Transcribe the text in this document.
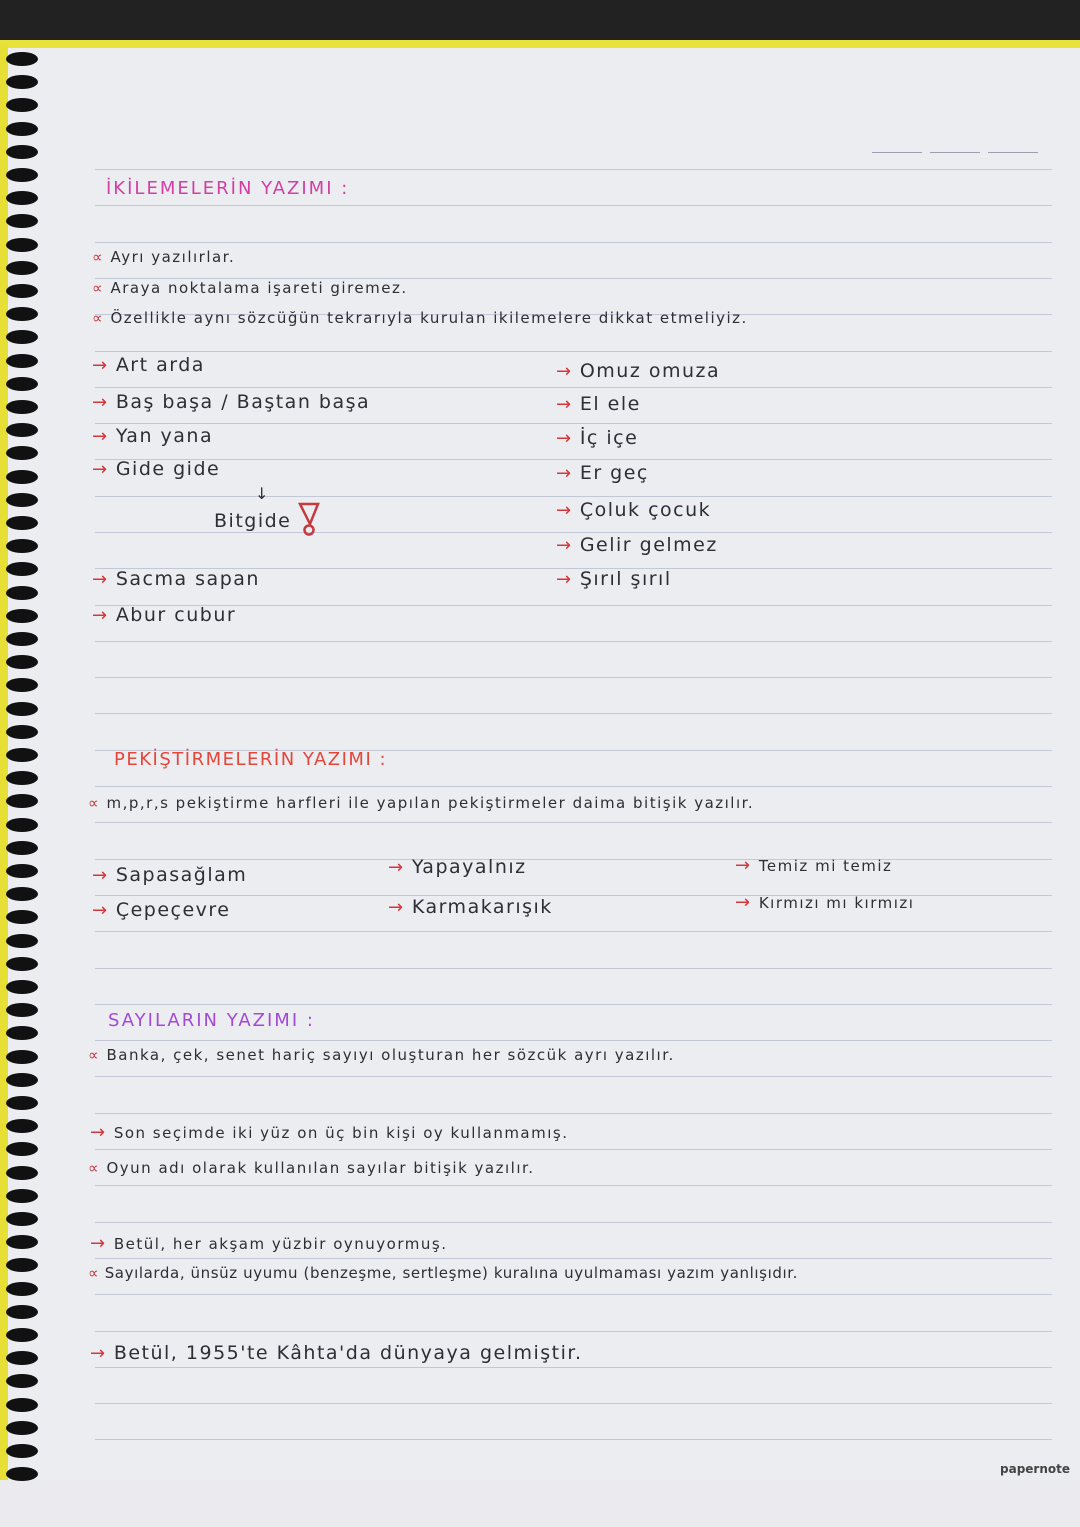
İKİLEMELERİN YAZIMI :
∝ Ayrı yazılırlar.
∝ Araya noktalama işareti giremez.
∝ Özellikle aynı sözcüğün tekrarıyla kurulan ikilemelere dikkat etmeliyiz.
→ Art arda
→ Baş başa / Baştan başa
→ Yan yana
→ Gide gide
↓
Bitgide
→ Sacma sapan
→ Abur cubur
→ Omuz omuza
→ El ele
→ İç içe
→ Er geç
→ Çoluk çocuk
→ Gelir gelmez
→ Şırıl şırıl
PEKİŞTİRMELERİN YAZIMI :
∝ m,p,r,s pekiştirme harfleri ile yapılan pekiştirmeler daima bitişik yazılır.
→ Sapasağlam
→ Çepeçevre
→ Yapayalnız
→ Karmakarışık
→ Temiz mi temiz
→ Kırmızı mı kırmızı
SAYILARIN YAZIMI :
∝ Banka, çek, senet hariç sayıyı oluşturan her sözcük ayrı yazılır.
→ Son seçimde iki yüz on üç bin kişi oy kullanmamış.
∝ Oyun adı olarak kullanılan sayılar bitişik yazılır.
→ Betül, her akşam yüzbir oynuyormuş.
∝ Sayılarda, ünsüz uyumu (benzeşme, sertleşme) kuralına uyulmaması yazım yanlışıdır.
→ Betül, 1955'te Kâhta'da dünyaya gelmiştir.
papernote
